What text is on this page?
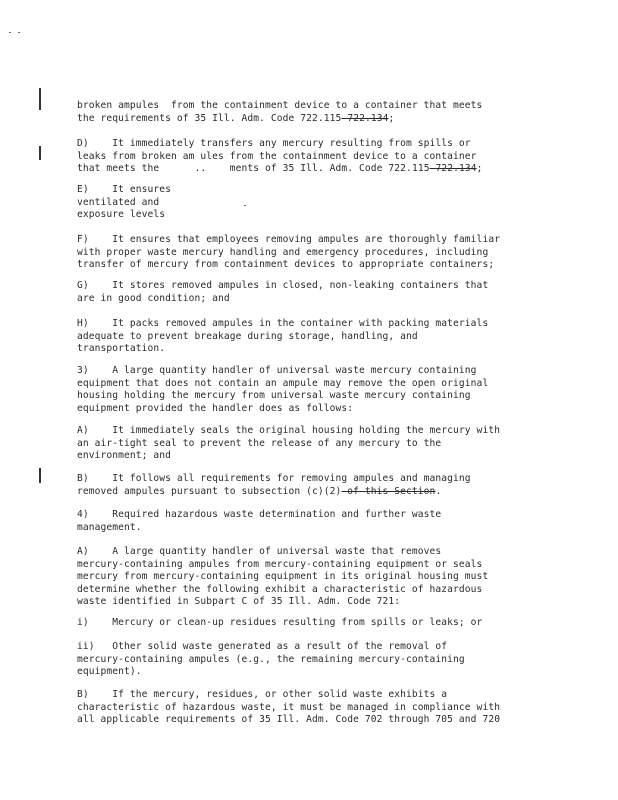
broken ampules  from the containment device to a container that meets
the requirements of 35 Ill. Adm. Code 722.115 722.134;

D)    It immediately transfers any mercury resulting from spills or
leaks from broken am ules from the containment device to a container
that meets the      ..    ments of 35 Ill. Adm. Code 722.115 722.134;

E)    It ensures
ventilated and
exposure levels

F)    It ensures that employees removing ampules are thoroughly familiar
with proper waste mercury handling and emergency procedures, including
transfer of mercury from containment devices to appropriate containers;

G)    It stores removed ampules in closed, non-leaking containers that
are in good condition; and

H)    It packs removed ampules in the container with packing materials
adequate to prevent breakage during storage, handling, and
transportation.

3)    A large quantity handler of universal waste mercury containing
equipment that does not contain an ampule may remove the open original
housing holding the mercury from universal waste mercury containing
equipment provided the handler does as follows:

A)    It immediately seals the original housing holding the mercury with
an air-tight seal to prevent the release of any mercury to the
environment; and

B)    It follows all requirements for removing ampules and managing
removed ampules pursuant to subsection (c)(2) of this Section.

4)    Required hazardous waste determination and further waste
management.

A)    A large quantity handler of universal waste that removes
mercury-containing ampules from mercury-containing equipment or seals
mercury from mercury-containing equipment in its original housing must
determine whether the following exhibit a characteristic of hazardous
waste identified in Subpart C of 35 Ill. Adm. Code 721:

i)    Mercury or clean-up residues resulting from spills or leaks; or

ii)   Other solid waste generated as a result of the removal of
mercury-containing ampules (e.g., the remaining mercury-containing
equipment).

B)    If the mercury, residues, or other solid waste exhibits a
characteristic of hazardous waste, it must be managed in compliance with
all applicable requirements of 35 Ill. Adm. Code 702 through 705 and 720
